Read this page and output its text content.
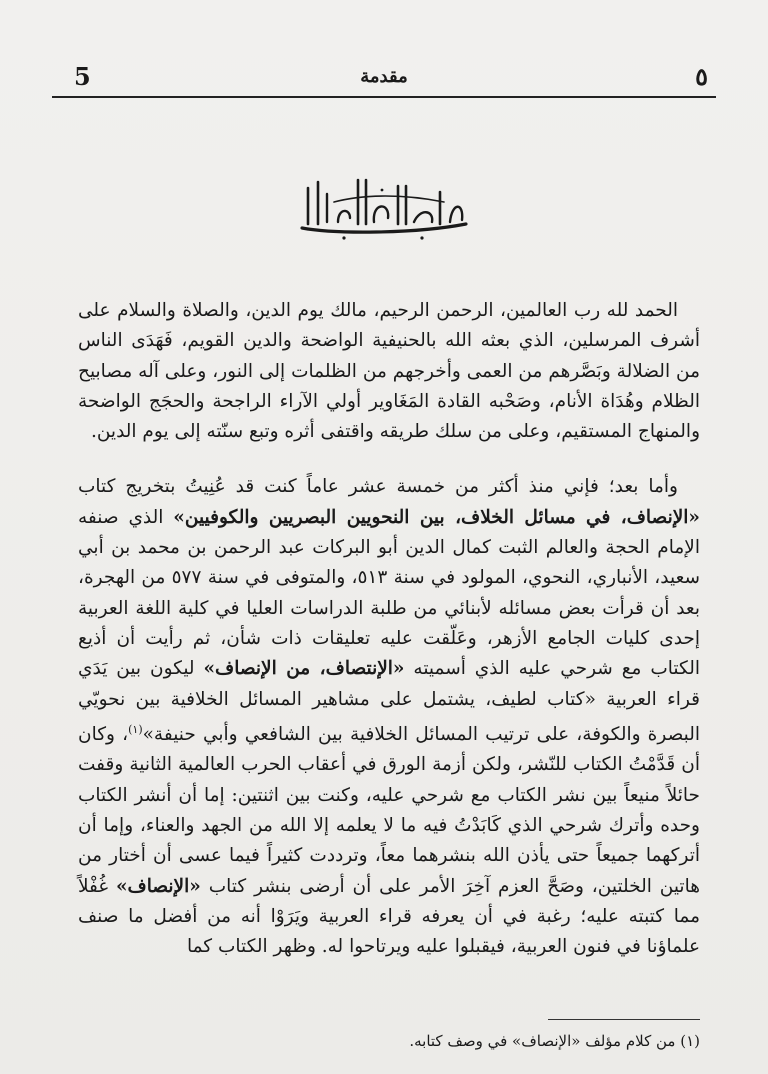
5	مقدمة	٥

الحمد لله رب العالمين، الرحمن الرحيم، مالك يوم الدين، والصلاة والسلام على أشرف المرسلين، الذي بعثه الله بالحنيفية الواضحة والدين القويم، فَهَدَى الناس من الضلالة وبَصَّرهم من العمى وأخرجهم من الظلمات إلى النور، وعلى آله مصابيح الظلام وهُدَاة الأنام، وصَحْبه القادة المَغَاوير أولي الآراء الراجحة والحجَج الواضحة والمنهاج المستقيم، وعلى من سلك طريقه واقتفى أثره وتبع سنّته إلى يوم الدين.

وأما بعد؛ فإني منذ أكثر من خمسة عشر عاماً كنت قد عُنِيتُ بتخريج كتاب «الإنصاف، في مسائل الخلاف، بين النحويين البصريين والكوفيين» الذي صنفه الإمام الحجة والعالم الثبت كمال الدين أبو البركات عبد الرحمن بن محمد بن أبي سعيد، الأنباري، النحوي، المولود في سنة ٥١٣، والمتوفى في سنة ٥٧٧ من الهجرة، بعد أن قرأت بعض مسائله لأبنائي من طلبة الدراسات العليا في كلية اللغة العربية إحدى كليات الجامع الأزهر، وعَلّقت عليه تعليقات ذات شأن، ثم رأيت أن أذيع الكتاب مع شرحي عليه الذي أسميته «الإنتصاف، من الإنصاف» ليكون بين يَدَي قراء العربية «كتاب لطيف، يشتمل على مشاهير المسائل الخلافية بين نحويّي البصرة والكوفة، على ترتيب المسائل الخلافية بين الشافعي وأبي حنيفة»$^{(١)}$، وكان أن قَدَّمْتُ الكتاب للنّشر، ولكن أزمة الورق في أعقاب الحرب العالمية الثانية وقفت حائلاً منيعاً بين نشر الكتاب مع شرحي عليه، وكنت بين اثنتين: إما أن أنشر الكتاب وحده وأترك شرحي الذي كَابَدْتُ فيه ما لا يعلمه إلا الله من الجهد والعناء، وإما أن أتركهما جميعاً حتى يأذن الله بنشرهما معاً، وترددت كثيراً فيما عسى أن أختار من هاتين الخلتين، وصَحَّ العزم آخِرَ الأمر على أن أرضى بنشر كتاب «الإنصاف» غُفْلاً مما كتبته عليه؛ رغبة في أن يعرفه قراء العربية ويَرَوْا أنه من أفضل ما صنف علماؤنا في فنون العربية، فيقبلوا عليه ويرتاحوا له. وظهر الكتاب كما

(١) من كلام مؤلف «الإنصاف» في وصف كتابه.
